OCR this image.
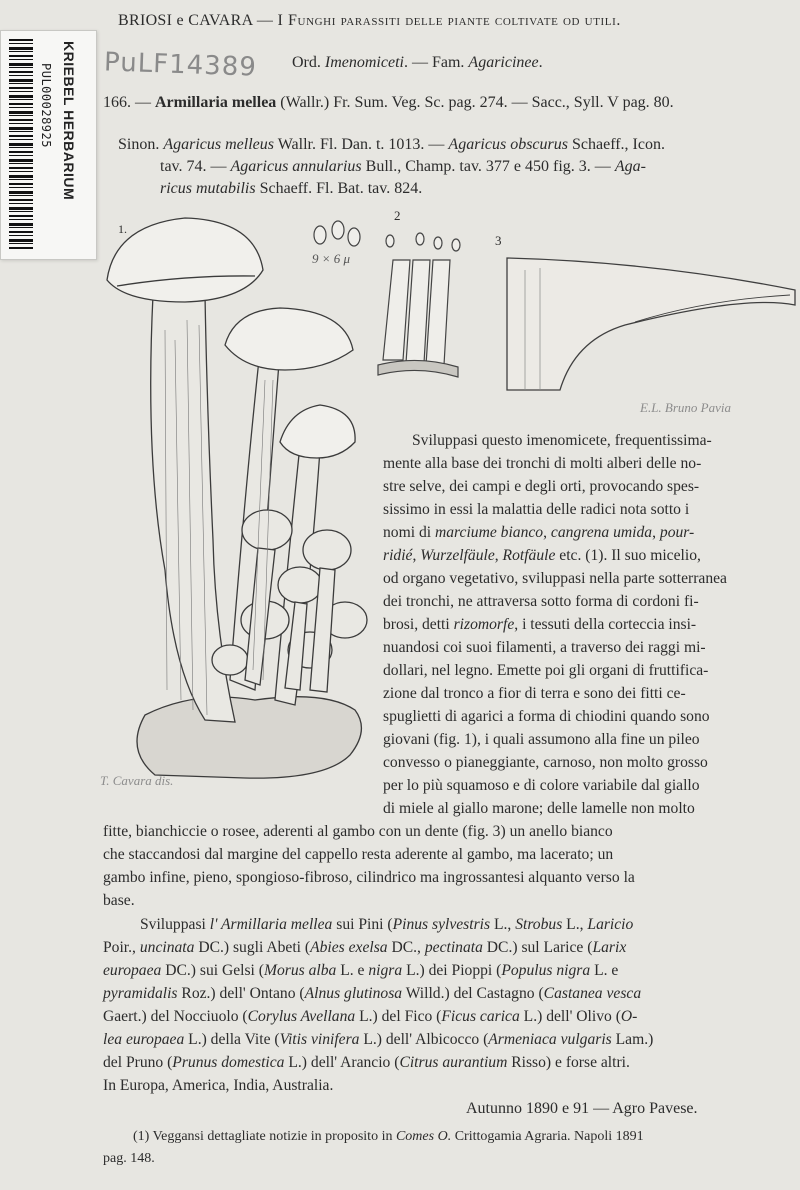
PUL00028925 KRIEBEL HERBARIUM PuLF14389
BRIOSI e CAVARA — I Funghi parassiti delle piante coltivate od utili.
Ord. Imenomiceti. — Fam. Agaricinee.
166. — Armillaria mellea (Wallr.) Fr. Sum. Veg. Sc. pag. 274. — Sacc., Syll. V pag. 80.
Sinon. Agaricus melleus Wallr. Fl. Dan. t. 1013. — Agaricus obscurus Schaeff., Icon.
tav. 74. — Agaricus annularius Bull., Champ. tav. 377 e 450 fig. 3. — Aga-
ricus mutabilis Schaeff. Fl. Bat. tav. 824.
1.
2
9 × 6 μ
3
E.L. Bruno Pavia
T. Cavara dis.
Sviluppasi questo imenomicete, frequentissima-
mente alla base dei tronchi di molti alberi delle no-
stre selve, dei campi e degli orti, provocando spes-
sissimo in essi la malattia delle radici nota sotto i
nomi di marciume bianco, cangrena umida, pour-
ridié, Wurzelfäule, Rotfäule etc. (1). Il suo micelio,
od organo vegetativo, sviluppasi nella parte sotterranea
dei tronchi, ne attraversa sotto forma di cordoni fi-
brosi, detti rizomorfe, i tessuti della corteccia insi-
nuandosi coi suoi filamenti, a traverso dei raggi mi-
dollari, nel legno. Emette poi gli organi di fruttifica-
zione dal tronco a fior di terra e sono dei fitti ce-
spuglietti di agarici a forma di chiodini quando sono
giovani (fig. 1), i quali assumono alla fine un pileo
convesso o pianeggiante, carnoso, non molto grosso
per lo più squamoso e di colore variabile dal giallo
di miele al giallo marone; delle lamelle non molto
fitte, bianchiccie o rosee, aderenti al gambo con un dente (fig. 3) un anello bianco
che staccandosi dal margine del cappello resta aderente al gambo, ma lacerato; un
gambo infine, pieno, spongioso-fibroso, cilindrico ma ingrossantesi alquanto verso la
base.
Sviluppasi l' Armillaria mellea sui Pini (Pinus sylvestris L., Strobus L., Laricio
Poir., uncinata DC.) sugli Abeti (Abies exelsa DC., pectinata DC.) sul Larice (Larix
europaea DC.) sui Gelsi (Morus alba L. e nigra L.) dei Pioppi (Populus nigra L. e
pyramidalis Roz.) dell' Ontano (Alnus glutinosa Willd.) del Castagno (Castanea vesca
Gaert.) del Nocciuolo (Corylus Avellana L.) del Fico (Ficus carica L.) dell' Olivo (O-
lea europaea L.) della Vite (Vitis vinifera L.) dell' Albicocco (Armeniaca vulgaris Lam.)
del Pruno (Prunus domestica L.) dell' Arancio (Citrus aurantium Risso) e forse altri.
In Europa, America, India, Australia.
Autunno 1890 e 91 — Agro Pavese.
(1) Veggansi dettagliate notizie in proposito in Comes O. Crittogamia Agraria. Napoli 1891
pag. 148.
